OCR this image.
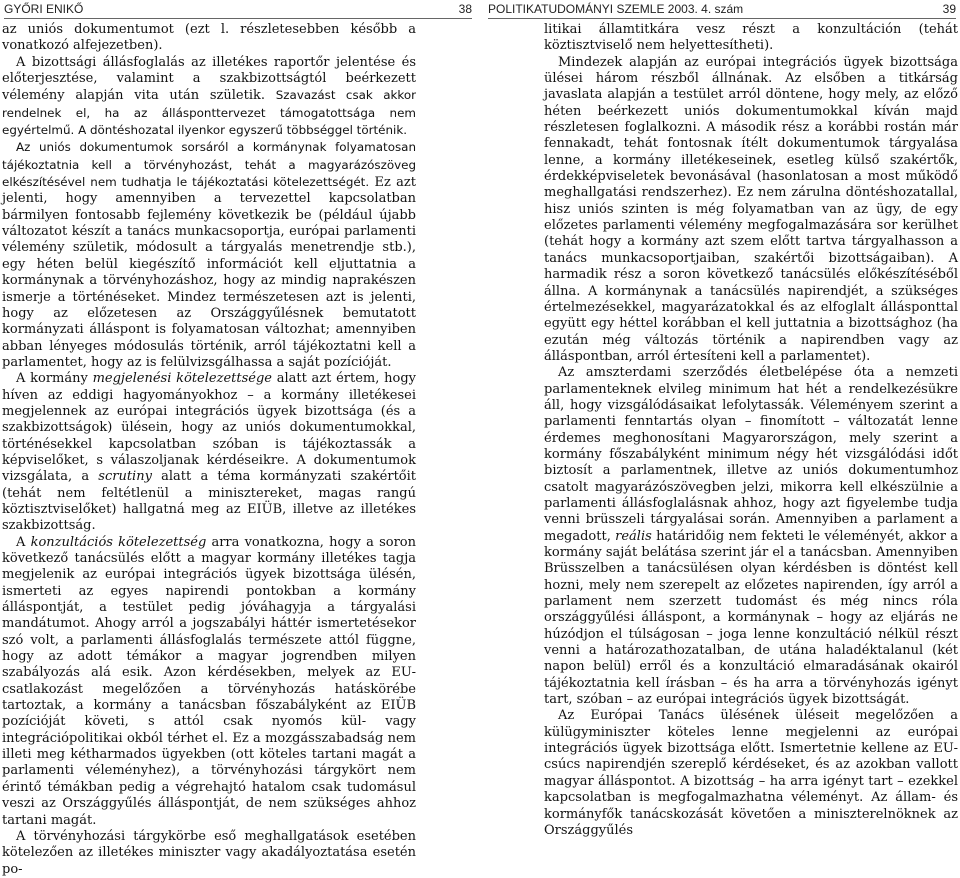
GYŐRI ENIKŐ	38 POLITIKATUDOMÁNYI SZEMLE 2003. 4. szám	39

az uniós dokumentumot (ezt l. részletesebben később a vonatkozó alfejezetben).

A bizottsági állásfoglalás az illetékes raportőr jelentése és előterjesztése, valamint a szakbizottságtól beérkezett vélemény alapján vita után születik. Szavazást csak akkor rendelnek el, ha az állásponttervezet támogatottsága nem egyértelmű. A döntéshozatal ilyenkor egyszerű többséggel történik.

Az uniós dokumentumok sorsáról a kormánynak folyamatosan tájékoztatnia kell a törvényhozást, tehát a magyarázószöveg elkészítésével nem tudhatja le tájékoztatási kötelezettségét. Ez azt jelenti, hogy amennyiben a tervezettel kapcsolatban bármilyen fontosabb fejlemény következik be (például újabb változatot készít a tanács munkacsoportja, európai parlamenti vélemény születik, módosult a tárgyalás menetrendje stb.), egy héten belül kiegészítő információt kell eljuttatnia a kormánynak a törvényhozáshoz, hogy az mindig naprakészen ismerje a történéseket. Mindez természetesen azt is jelenti, hogy az előzetesen az Országgyűlésnek bemutatott kormányzati álláspont is folyamatosan változhat; amennyiben abban lényeges módosulás történik, arról tájékoztatni kell a parlamentet, hogy az is felülvizsgálhassa a saját pozícióját.

A kormány megjelenési kötelezettsége alatt azt értem, hogy híven az eddigi hagyományokhoz – a kormány illetékesei megjelennek az európai integrációs ügyek bizottsága (és a szakbizottságok) ülésein, hogy az uniós dokumentumokkal, történésekkel kapcsolatban szóban is tájékoztassák a képviselőket, s válaszoljanak kérdéseikre. A dokumentumok vizsgálata, a scrutiny alatt a téma kormányzati szakértőit (tehát nem feltétlenül a minisztereket, magas rangú köztisztviselőket) hallgatná meg az EIÜB, illetve az illetékes szakbizottság.

A konzultációs kötelezettség arra vonatkozna, hogy a soron következő tanácsülés előtt a magyar kormány illetékes tagja megjelenik az európai integrációs ügyek bizottsága ülésén, ismerteti az egyes napirendi pontokban a kormány álláspontját, a testület pedig jóváhagyja a tárgyalási mandátumot. Ahogy arról a jogszabályi háttér ismertetésekor szó volt, a parlamenti állásfoglalás természete attól függne, hogy az adott témákor a magyar jogrendben milyen szabályozás alá esik. Azon kérdésekben, melyek az EU-csatlakozást megelőzően a törvényhozás hatáskörébe tartoztak, a kormány a tanácsban főszabályként az EIÜB pozícióját követi, s attól csak nyomós kül- vagy integrációpolitikai okból térhet el. Ez a mozgásszabadság nem illeti meg kétharmados ügyekben (ott köteles tartani magát a parlamenti véleményhez), a törvényhozási tárgykört nem érintő témákban pedig a végrehajtó hatalom csak tudomásul veszi az Országgyűlés álláspontját, de nem szükséges ahhoz tartani magát.

A törvényhozási tárgykörbe eső meghallgatások esetében kötelezően az illetékes miniszter vagy akadályoztatása esetén po-

litikai államtitkára vesz részt a konzultáción (tehát köztisztviselő nem helyettesítheti).

Mindezek alapján az európai integrációs ügyek bizottsága ülései három részből állnának. Az elsőben a titkárság javaslata alapján a testület arról döntene, hogy mely, az előző héten beérkezett uniós dokumentumokkal kíván majd részletesen foglalkozni. A második rész a korábbi rostán már fennakadt, tehát fontosnak ítélt dokumentumok tárgyalása lenne, a kormány illetékeseinek, esetleg külső szakértők, érdekképviseletek bevonásával (hasonlatosan a most működő meghallgatási rendszerhez). Ez nem zárulna döntéshozatallal, hisz uniós szinten is még folyamatban van az ügy, de egy előzetes parlamenti vélemény megfogalmazására sor kerülhet (tehát hogy a kormány azt szem előtt tartva tárgyalhasson a tanács munkacsoportjaiban, szakértői bizottságaiban). A harmadik rész a soron következő tanácsülés előkészítéséből állna. A kormánynak a tanácsülés napirendjét, a szükséges értelmezésekkel, magyarázatokkal és az elfoglalt állásponttal együtt egy héttel korábban el kell juttatnia a bizottsághoz (ha ezután még változás történik a napirendben vagy az álláspontban, arról értesíteni kell a parlamentet).

Az amszterdami szerződés életbelépése óta a nemzeti parlamenteknek elvileg minimum hat hét a rendelkezésükre áll, hogy vizsgálódásaikat lefolytassák. Véleményem szerint a parlamenti fenntartás olyan – finomított – változatát lenne érdemes meghonosítani Magyarországon, mely szerint a kormány főszabályként minimum négy hét vizsgálódási időt biztosít a parlamentnek, illetve az uniós dokumentumhoz csatolt magyarázószövegben jelzi, mikorra kell elkészülnie a parlamenti állásfoglalásnak ahhoz, hogy azt figyelembe tudja venni brüsszeli tárgyalásai során. Amennyiben a parlament a megadott, reális határidőig nem fekteti le véleményét, akkor a kormány saját belátása szerint jár el a tanácsban. Amennyiben Brüsszelben a tanácsülésen olyan kérdésben is döntést kell hozni, mely nem szerepelt az előzetes napirenden, így arról a parlament nem szerzett tudomást és még nincs róla országgyűlési álláspont, a kormánynak – hogy az eljárás ne húzódjon el túlságosan – joga lenne konzultáció nélkül részt venni a határozathozatalban, de utána haladéktalanul (két napon belül) erről és a konzultáció elmaradásának okairól tájékoztatnia kell írásban – és ha arra a törvényhozás igényt tart, szóban – az európai integrációs ügyek bizottságát.

Az Európai Tanács ülésének üléseit megelőzően a külügyminiszter köteles lenne megjelenni az európai integrációs ügyek bizottsága előtt. Ismertetnie kellene az EU-csúcs napirendjén szereplő kérdéseket, és az azokban vallott magyar álláspontot. A bizottság – ha arra igényt tart – ezekkel kapcsolatban is megfogalmazhatna véleményt. Az állam- és kormányfők tanácskozását követően a miniszterelnöknek az Országgyűlés
